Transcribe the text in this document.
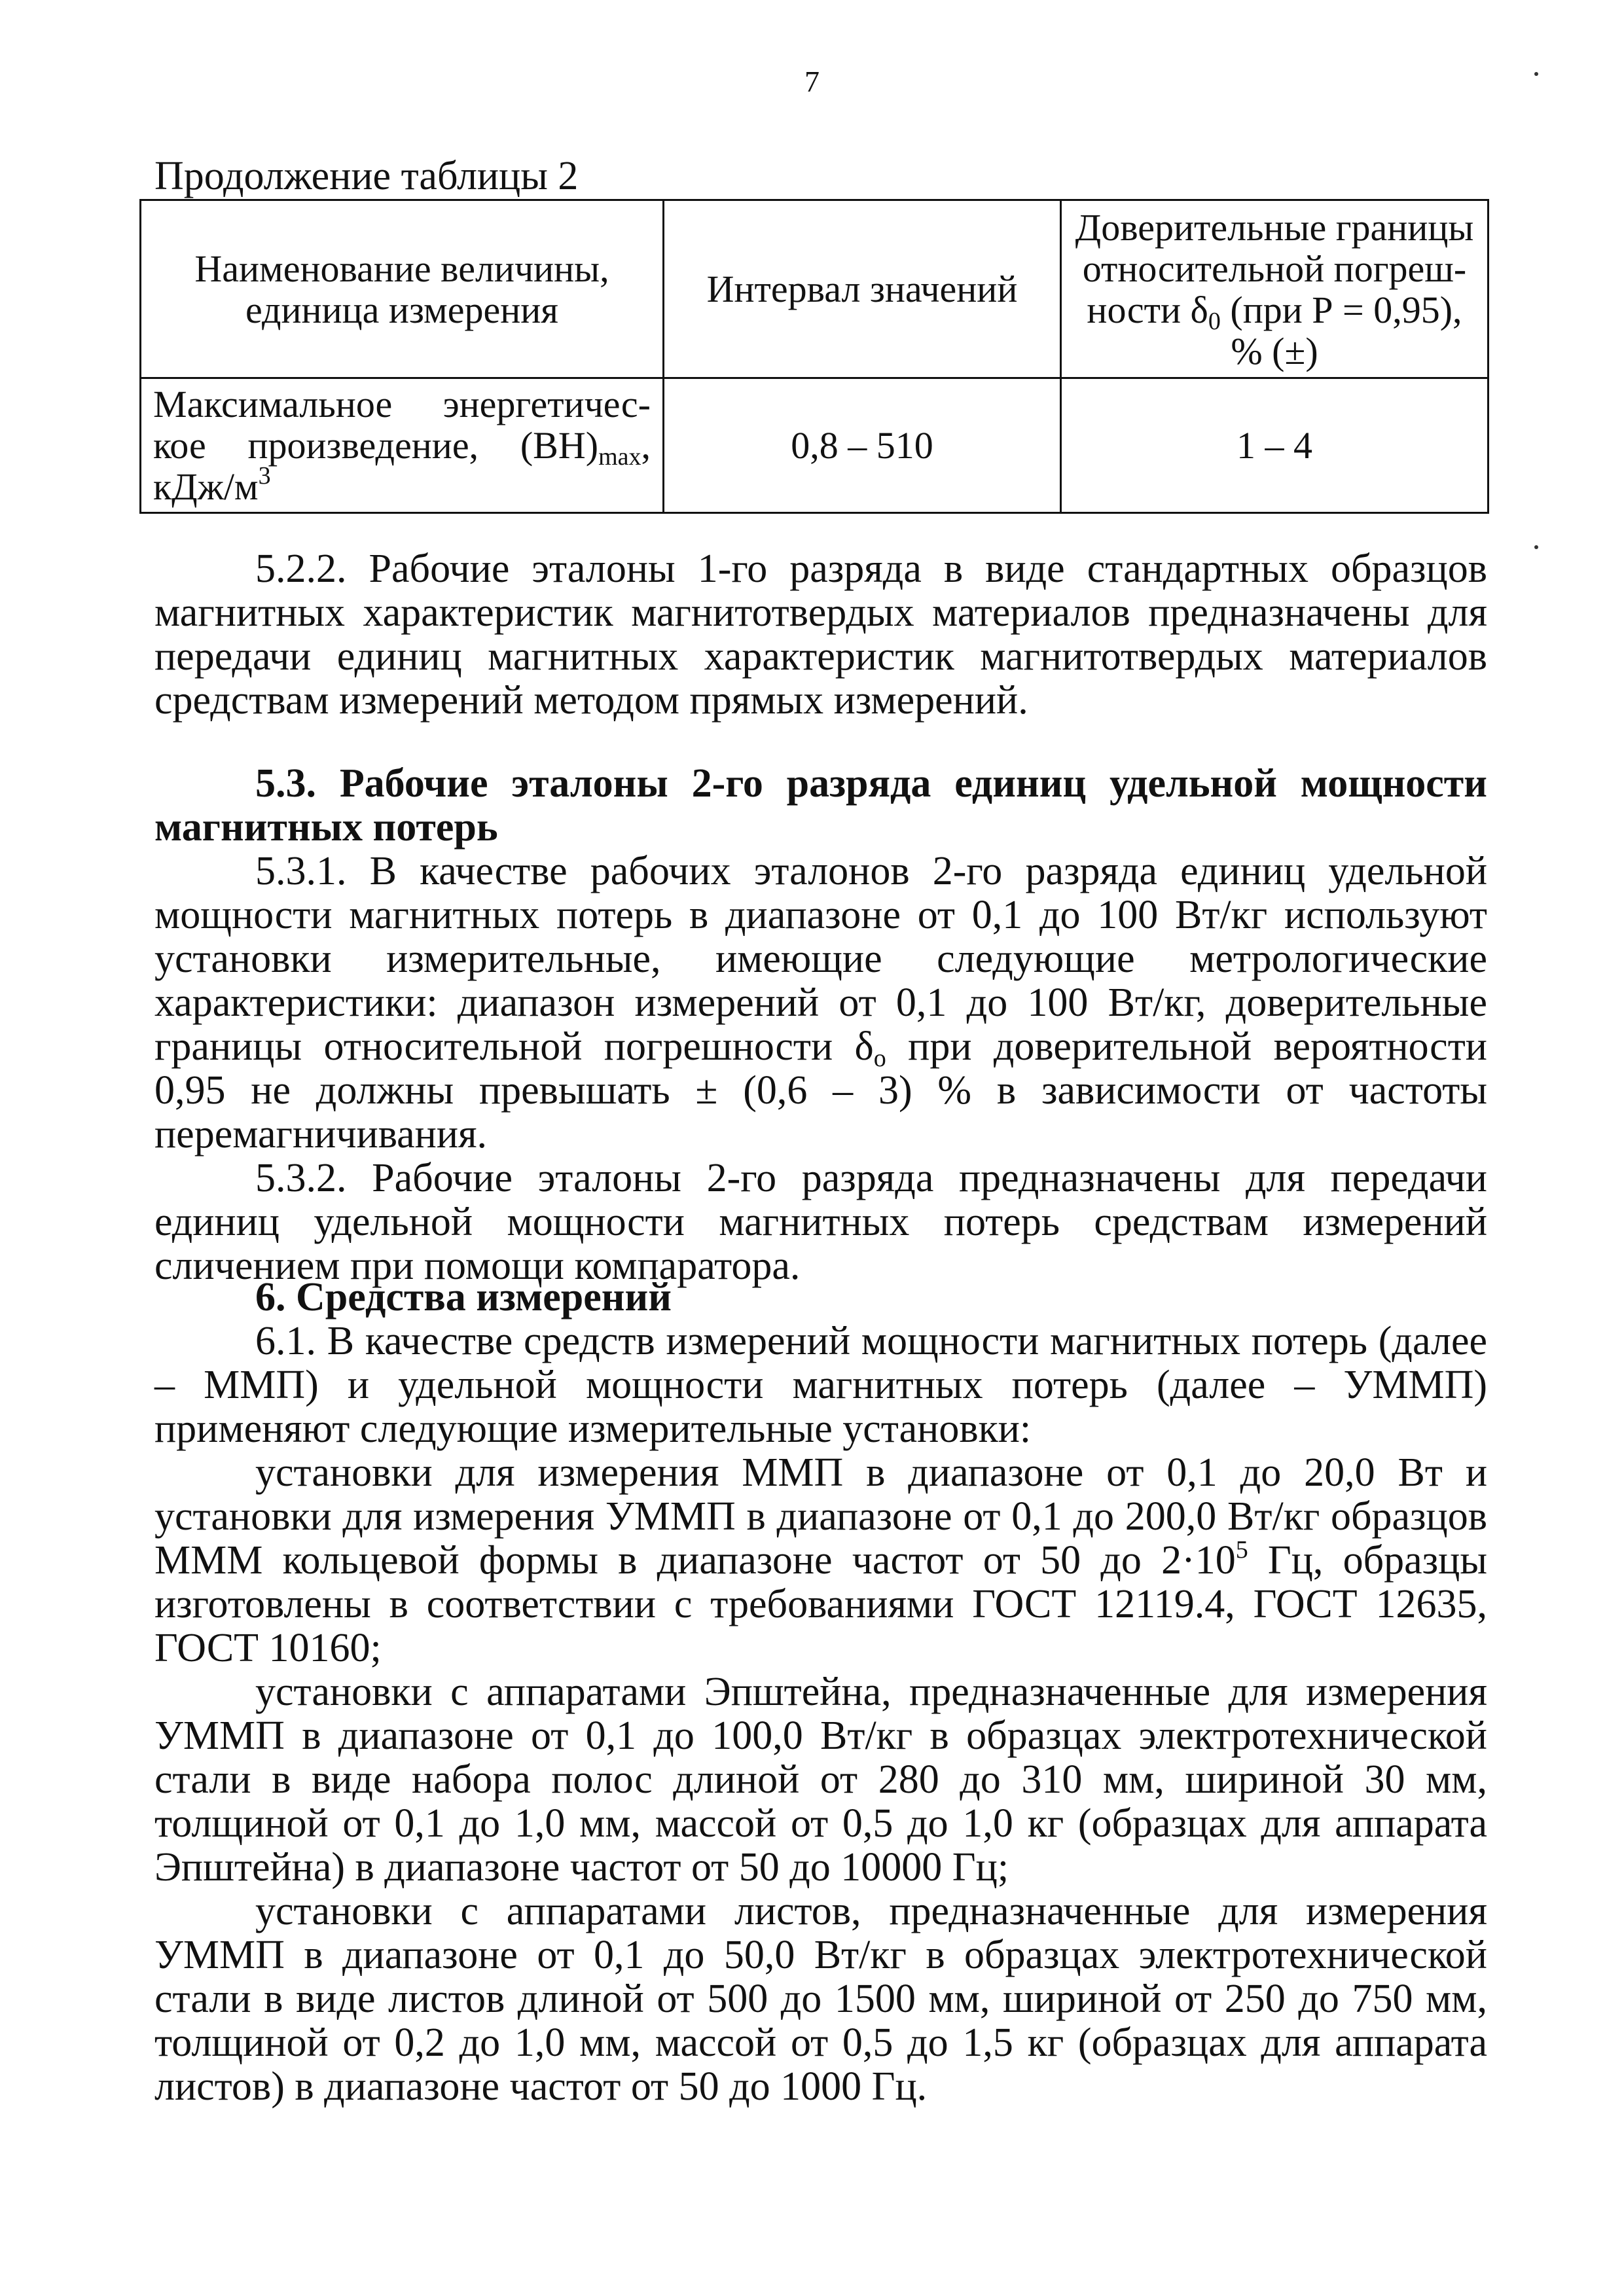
7
Продолжение таблицы 2
Наименование величины, единица измерения	Интервал значений	Доверительные границы относительной погреш-ности $\delta_0$ (при Р = 0,95), % (±)

Максимальное энергетичес-
кое произведение, $(ВН)_{max}$,
кДж/$м^3$	0,8 – 510	1 – 4

5.2.2. Рабочие эталоны 1-го разряда в виде стандартных образцов магнитных характеристик магнитотвердых материалов предназначены для передачи единиц магнитных характеристик магнитотвердых материалов средствам измерений методом прямых измерений.

5.3. Рабочие эталоны 2-го разряда единиц удельной мощности магнитных потерь

5.3.1. В качестве рабочих эталонов 2-го разряда единиц удельной мощности магнитных потерь в диапазоне от 0,1 до 100 Вт/кг используют установки измерительные, имеющие следующие метрологические характеристики: диапазон измерений от 0,1 до 100 Вт/кг, доверительные границы относительной погрешности $\delta_о$ при доверительной вероятности 0,95 не должны превышать ± (0,6 – 3) % в зависимости от частоты перемагничивания.

5.3.2. Рабочие эталоны 2-го разряда предназначены для передачи единиц удельной мощности магнитных потерь средствам измерений сличением при помощи компаратора.

6. Средства измерений

6.1. В качестве средств измерений мощности магнитных потерь (далее – ММП) и удельной мощности магнитных потерь (далее – УММП) применяют следующие измерительные установки:

установки для измерения ММП в диапазоне от 0,1 до 20,0 Вт и установки для измерения УММП в диапазоне от 0,1 до 200,0 Вт/кг образцов МММ кольцевой формы в диапазоне частот от 50 до $2\cdot 10^5$ Гц, образцы изготовлены в соответствии с требованиями ГОСТ 12119.4, ГОСТ 12635, ГОСТ 10160;

установки с аппаратами Эпштейна, предназначенные для измерения УММП в диапазоне от 0,1 до 100,0 Вт/кг в образцах электротехнической стали в виде набора полос длиной от 280 до 310 мм, шириной 30 мм, толщиной от 0,1 до 1,0 мм, массой от 0,5 до 1,0 кг (образцах для аппарата Эпштейна) в диапазоне частот от 50 до 10000 Гц;

установки с аппаратами листов, предназначенные для измерения УММП в диапазоне от 0,1 до 50,0 Вт/кг в образцах электротехнической стали в виде листов длиной от 500 до 1500 мм, шириной от 250 до 750 мм, толщиной от 0,2 до 1,0 мм, массой от 0,5 до 1,5 кг (образцах для аппарата листов) в диапазоне частот от 50 до 1000 Гц.
